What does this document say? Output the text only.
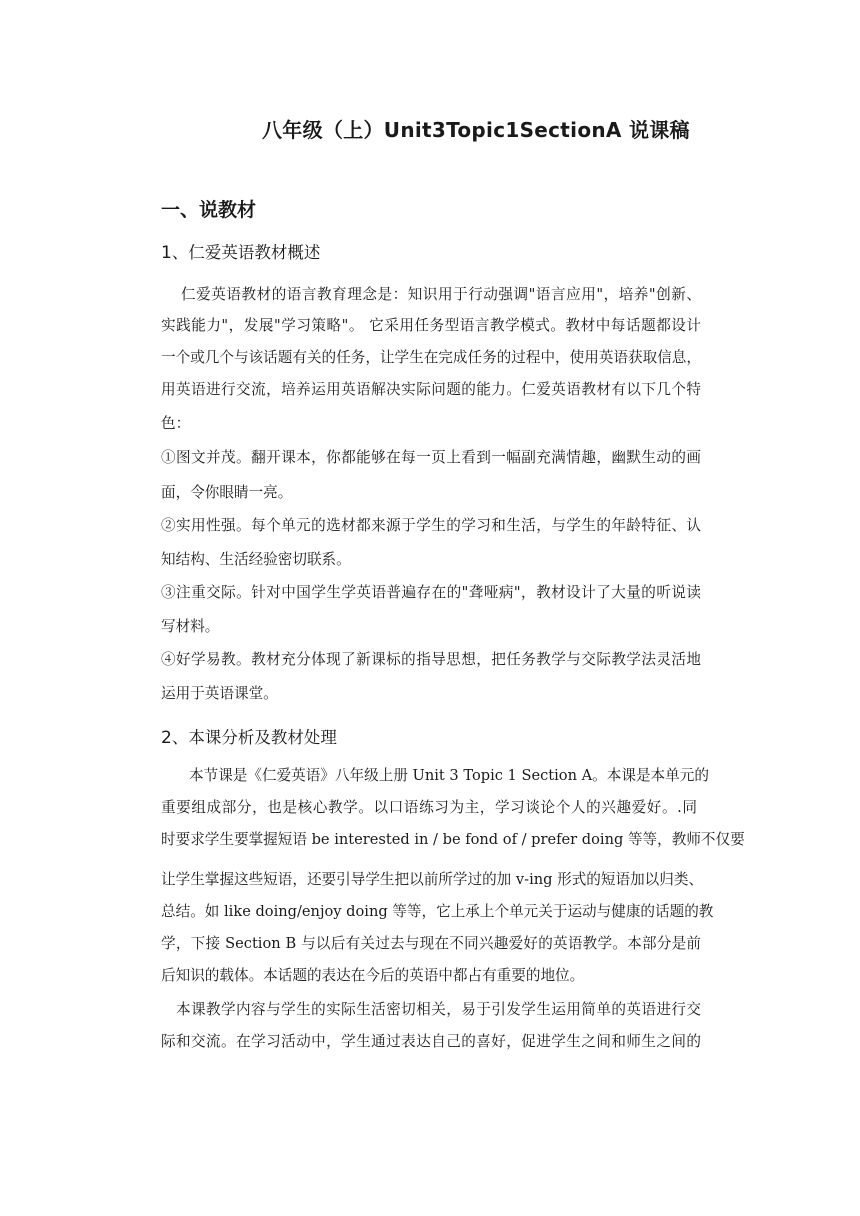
八年级（上）Unit3Topic1SectionA 说课稿
一、说教材
1、仁爱英语教材概述
仁爱英语教材的语言教育理念是：知识用于行动强调"语言应用"，培养"创新、
实践能力"，发展"学习策略"。 它采用任务型语言教学模式。教材中每话题都设计
一个或几个与该话题有关的任务，让学生在完成任务的过程中，使用英语获取信息，
用英语进行交流，培养运用英语解决实际问题的能力。仁爱英语教材有以下几个特
色：
①图文并茂。翻开课本，你都能够在每一页上看到一幅副充满情趣，幽默生动的画
面，令你眼睛一亮。
②实用性强。每个单元的选材都来源于学生的学习和生活，与学生的年龄特征、认
知结构、生活经验密切联系。
③注重交际。针对中国学生学英语普遍存在的"聋哑病"，教材设计了大量的听说读
写材料。
④好学易教。教材充分体现了新课标的指导思想，把任务教学与交际教学法灵活地
运用于英语课堂。
2、本课分析及教材处理
本节课是《仁爱英语》八年级上册 Unit 3 Topic 1 Section A。本课是本单元的
重要组成部分，也是核心教学。以口语练习为主，学习谈论个人的兴趣爱好。.同
时要求学生要掌握短语 be interested in / be fond of / prefer doing 等等，教师不仅要
让学生掌握这些短语，还要引导学生把以前所学过的加 v-ing 形式的短语加以归类、
总结。如 like doing/enjoy doing 等等，它上承上个单元关于运动与健康的话题的教
学，下接 Section B 与以后有关过去与现在不同兴趣爱好的英语教学。本部分是前
后知识的载体。本话题的表达在今后的英语中都占有重要的地位。
本课教学内容与学生的实际生活密切相关，易于引发学生运用简单的英语进行交
际和交流。在学习活动中，学生通过表达自己的喜好，促进学生之间和师生之间的
